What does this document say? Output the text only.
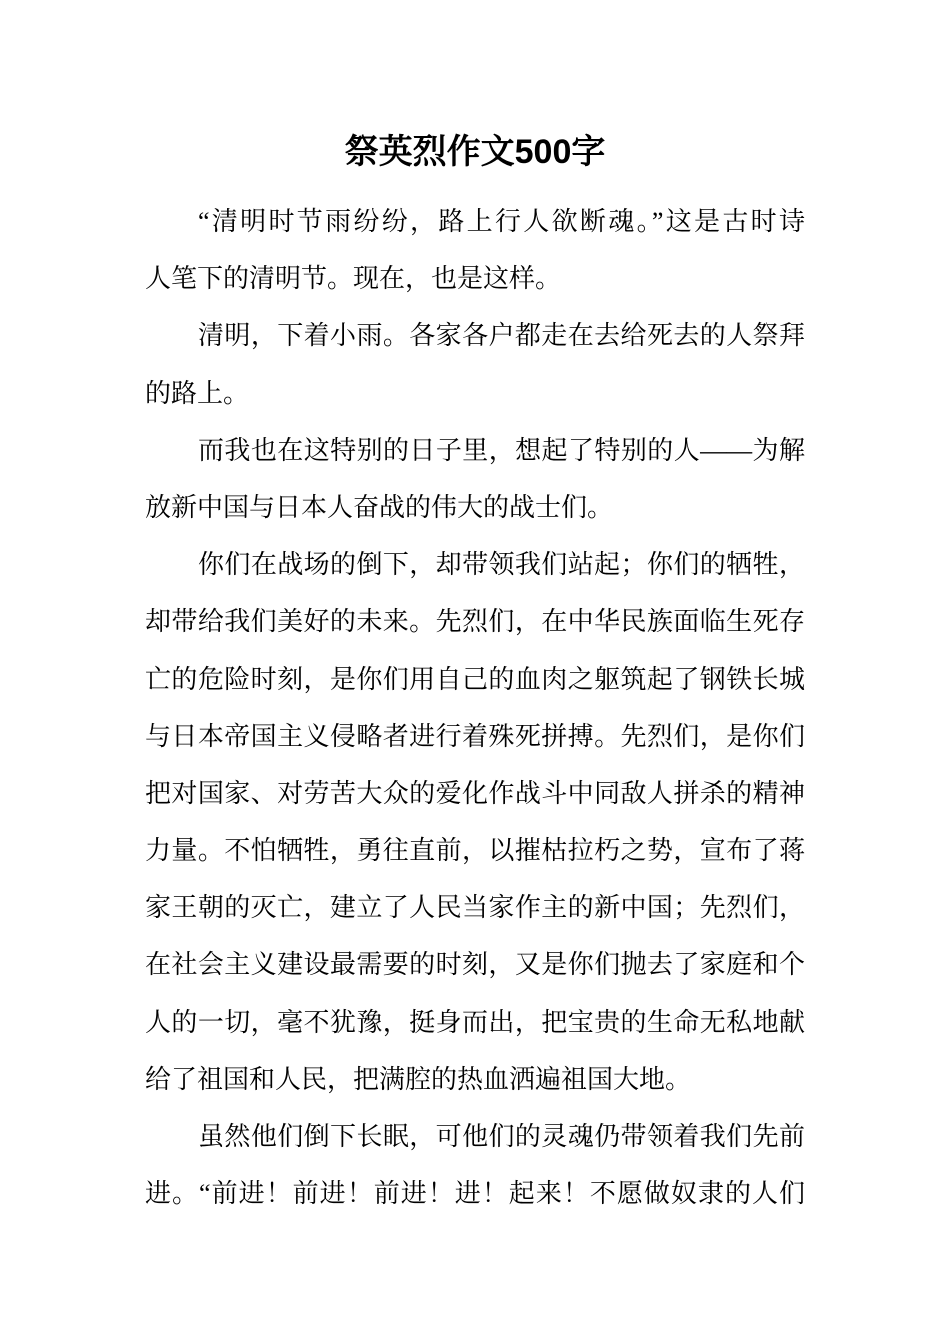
祭英烈作文500字
“清明时节雨纷纷，路上行人欲断魂。”这是古时诗
人笔下的清明节。现在，也是这样。
清明，下着小雨。各家各户都走在去给死去的人祭拜
的路上。
而我也在这特别的日子里，想起了特别的人——为解
放新中国与日本人奋战的伟大的战士们。
你们在战场的倒下，却带领我们站起；你们的牺牲，
却带给我们美好的未来。先烈们，在中华民族面临生死存
亡的危险时刻，是你们用自己的血肉之躯筑起了钢铁长城
与日本帝国主义侵略者进行着殊死拼搏。先烈们，是你们
把对国家、对劳苦大众的爱化作战斗中同敌人拼杀的精神
力量。不怕牺牲，勇往直前，以摧枯拉朽之势，宣布了蒋
家王朝的灭亡，建立了人民当家作主的新中国；先烈们，
在社会主义建设最需要的时刻，又是你们抛去了家庭和个
人的一切，毫不犹豫，挺身而出，把宝贵的生命无私地献
给了祖国和人民，把满腔的热血洒遍祖国大地。
虽然他们倒下长眠，可他们的灵魂仍带领着我们先前
进。“前进！前进！前进！进！起来！不愿做奴隶的人们
